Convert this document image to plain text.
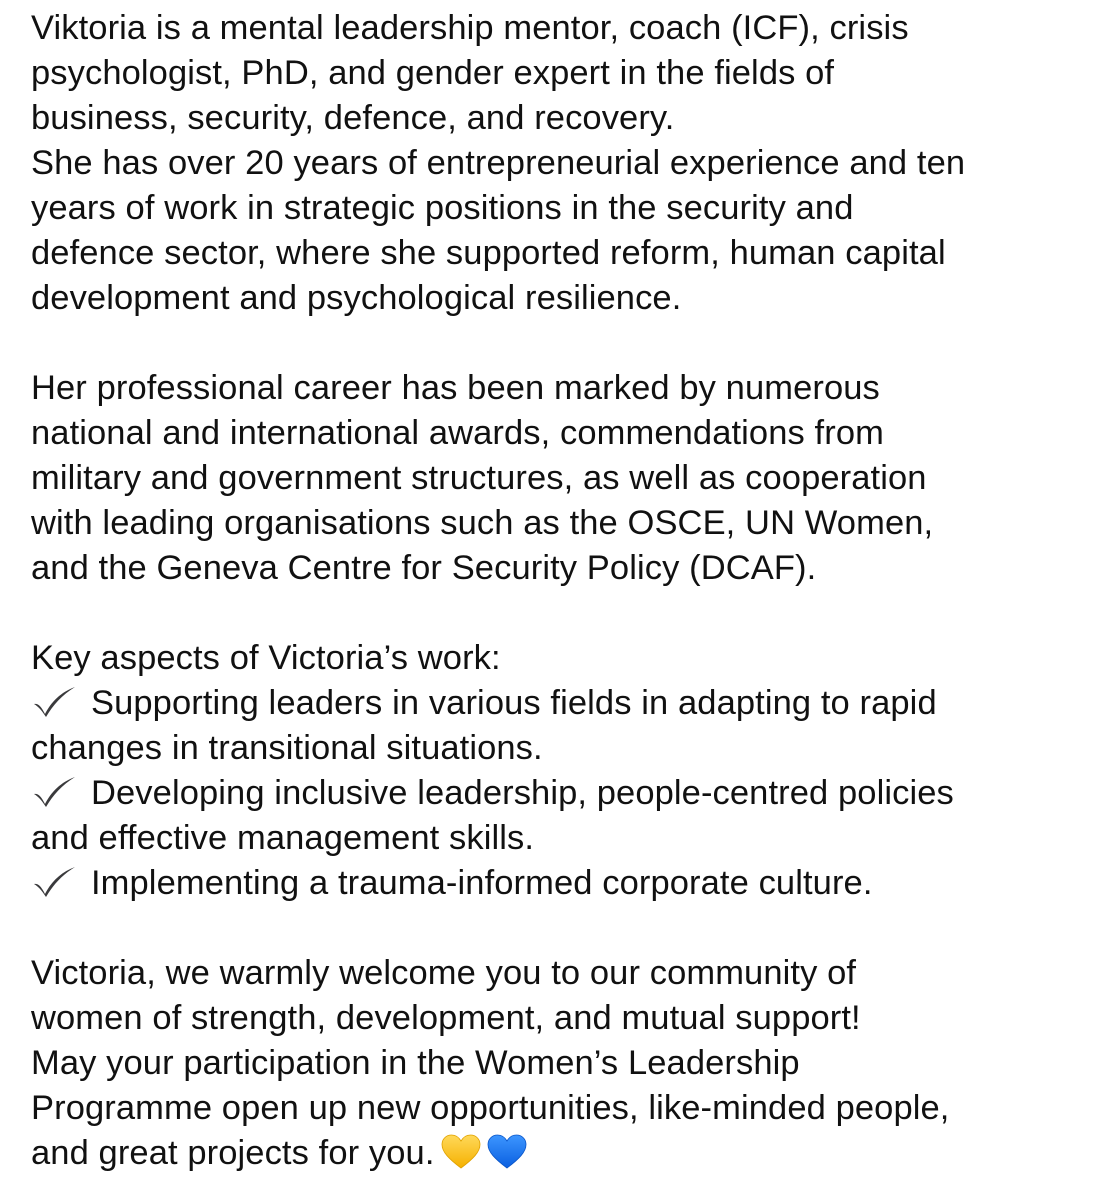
Viktoria is a mental leadership mentor, coach (ICF), crisis
psychologist, PhD, and gender expert in the fields of
business, security, defence, and recovery.
She has over 20 years of entrepreneurial experience and ten
years of work in strategic positions in the security and
defence sector, where she supported reform, human capital
development and psychological resilience.
Her professional career has been marked by numerous
national and international awards, commendations from
military and government structures, as well as cooperation
with leading organisations such as the OSCE, UN Women,
and the Geneva Centre for Security Policy (DCAF).
Key aspects of Victoria’s work:
Supporting leaders in various fields in adapting to rapid
changes in transitional situations.
Developing inclusive leadership, people-centred policies
and effective management skills.
Implementing a trauma-informed corporate culture.
Victoria, we warmly welcome you to our community of
women of strength, development, and mutual support!
May your participation in the Women’s Leadership
Programme open up new opportunities, like-minded people,
and great projects for you.
